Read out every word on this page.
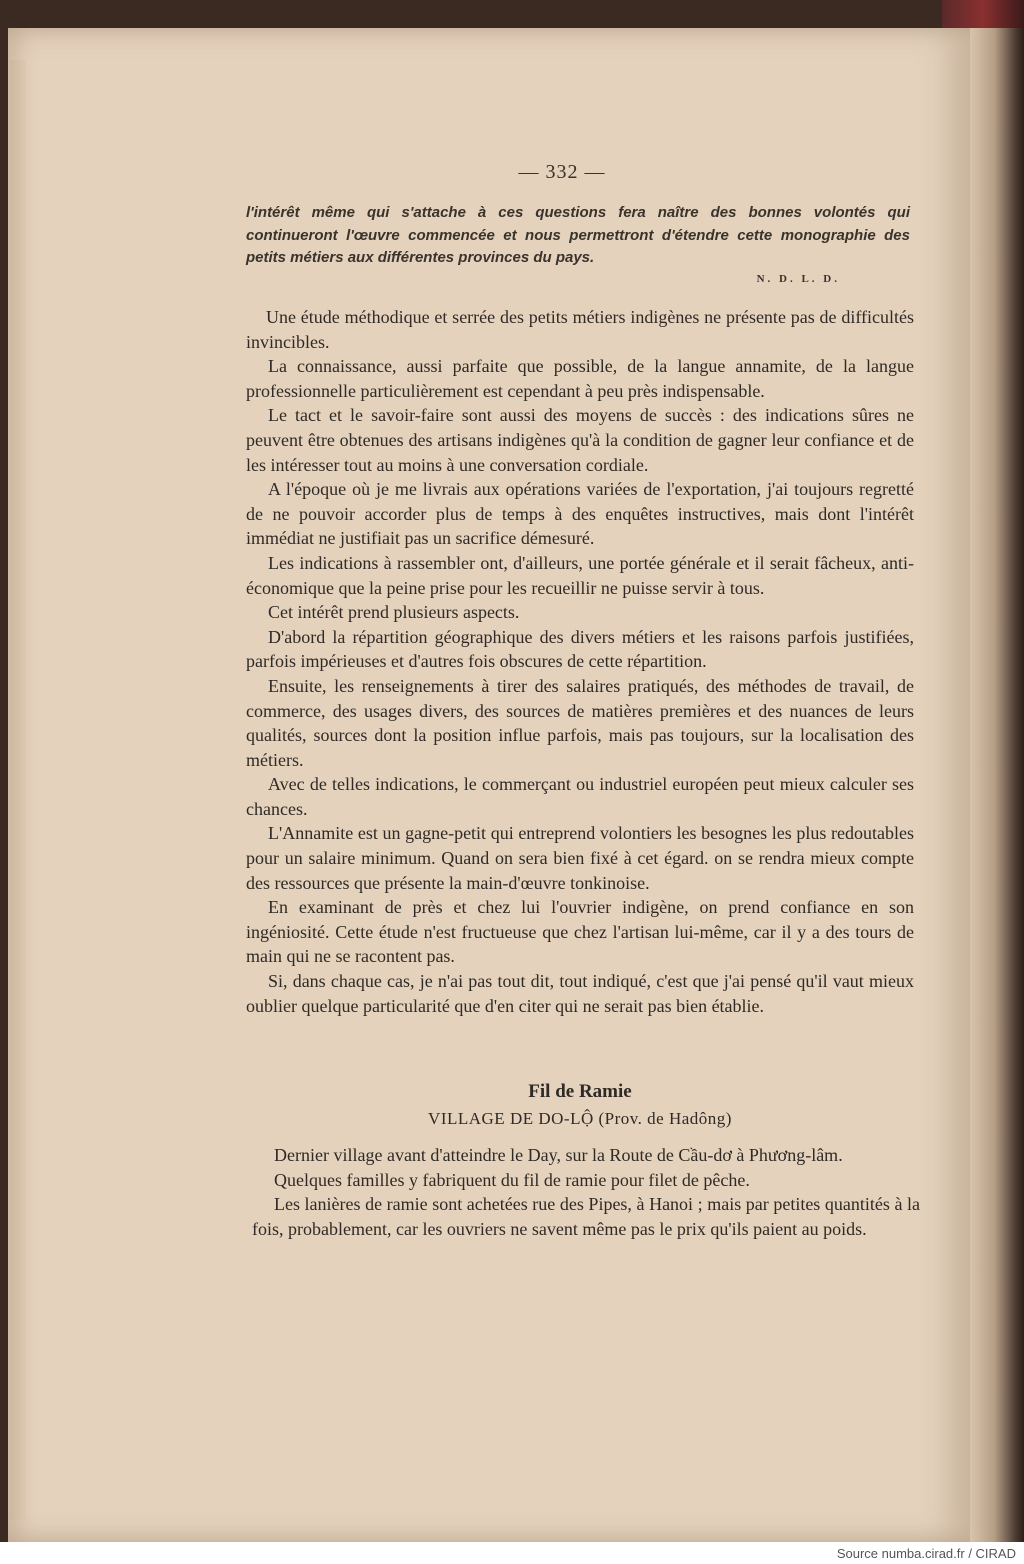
— 332 —
l'intérêt même qui s'attache à ces questions fera naître des bonnes volontés qui continueront l'œuvre commencée et nous permettront d'étendre cette monographie des petits métiers aux différentes provinces du pays.
N. D. L. D.

Une étude méthodique et serrée des petits métiers indigènes ne présente pas de difficultés invincibles.

La connaissance, aussi parfaite que possible, de la langue annamite, de la langue professionnelle particulièrement est cependant à peu près indispensable.

Le tact et le savoir-faire sont aussi des moyens de succès : des indications sûres ne peuvent être obtenues des artisans indigènes qu'à la condition de gagner leur confiance et de les intéresser tout au moins à une conversation cordiale.

A l'époque où je me livrais aux opérations variées de l'exportation, j'ai toujours regretté de ne pouvoir accorder plus de temps à des enquêtes instructives, mais dont l'intérêt immédiat ne justifiait pas un sacrifice démesuré.

Les indications à rassembler ont, d'ailleurs, une portée générale et il serait fâcheux, anti-économique que la peine prise pour les recueillir ne puisse servir à tous.

Cet intérêt prend plusieurs aspects.

D'abord la répartition géographique des divers métiers et les raisons parfois justifiées, parfois impérieuses et d'autres fois obscures de cette répartition.

Ensuite, les renseignements à tirer des salaires pratiqués, des méthodes de travail, de commerce, des usages divers, des sources de matières premières et des nuances de leurs qualités, sources dont la position influe parfois, mais pas toujours, sur la localisation des métiers.

Avec de telles indications, le commerçant ou industriel européen peut mieux calculer ses chances.

L'Annamite est un gagne-petit qui entreprend volontiers les besognes les plus redoutables pour un salaire minimum. Quand on sera bien fixé à cet égard. on se rendra mieux compte des ressources que présente la main-d'œuvre tonkinoise.

En examinant de près et chez lui l'ouvrier indigène, on prend confiance en son ingéniosité. Cette étude n'est fructueuse que chez l'artisan lui-même, car il y a des tours de main qui ne se racontent pas.

Si, dans chaque cas, je n'ai pas tout dit, tout indiqué, c'est que j'ai pensé qu'il vaut mieux oublier quelque particularité que d'en citer qui ne serait pas bien établie.

Fil de Ramie
VILLAGE DE DO-LỘ (Prov. de Hadông)

Dernier village avant d'atteindre le Day, sur la Route de Cầu-dơ à Phương-lâm.

Quelques familles y fabriquent du fil de ramie pour filet de pêche.

Les lanières de ramie sont achetées rue des Pipes, à Hanoi ; mais par petites quantités à la fois, probablement, car les ouvriers ne savent même pas le prix qu'ils paient au poids.

Source numba.cirad.fr / CIRAD
